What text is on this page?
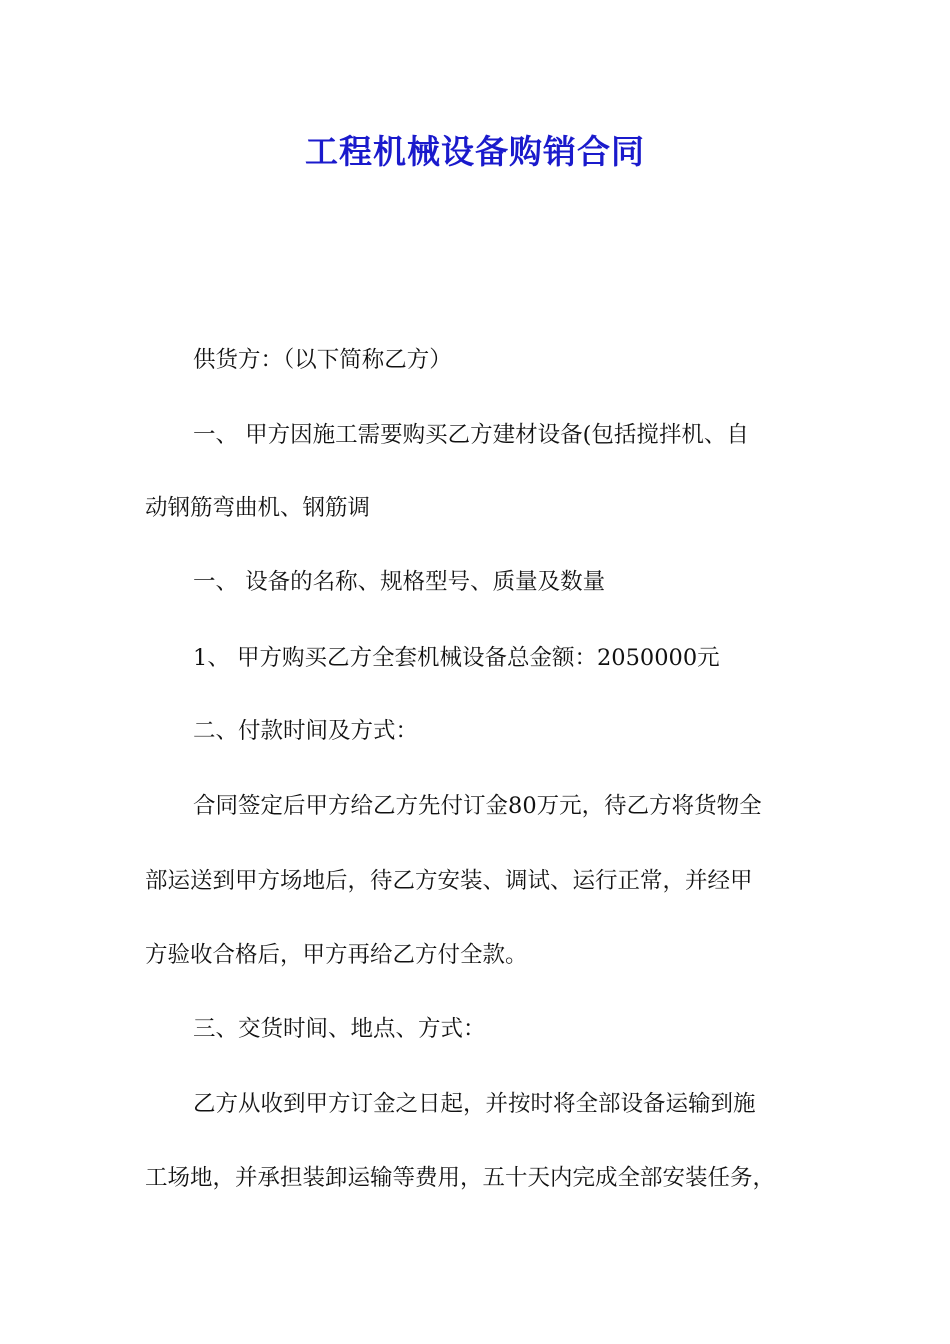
工程机械设备购销合同

供货方：（以下简称乙方）

一、 甲方因施工需要购买乙方建材设备(包括搅拌机、自

动钢筋弯曲机、钢筋调

一、 设备的名称、规格型号、质量及数量

1、 甲方购买乙方全套机械设备总金额：2050000元

二、付款时间及方式：

合同签定后甲方给乙方先付订金80万元，待乙方将货物全

部运送到甲方场地后，待乙方安装、调试、运行正常，并经甲

方验收合格后，甲方再给乙方付全款。

三、交货时间、地点、方式：

乙方从收到甲方订金之日起，并按时将全部设备运输到施

工场地，并承担装卸运输等费用，五十天内完成全部安装任务，
